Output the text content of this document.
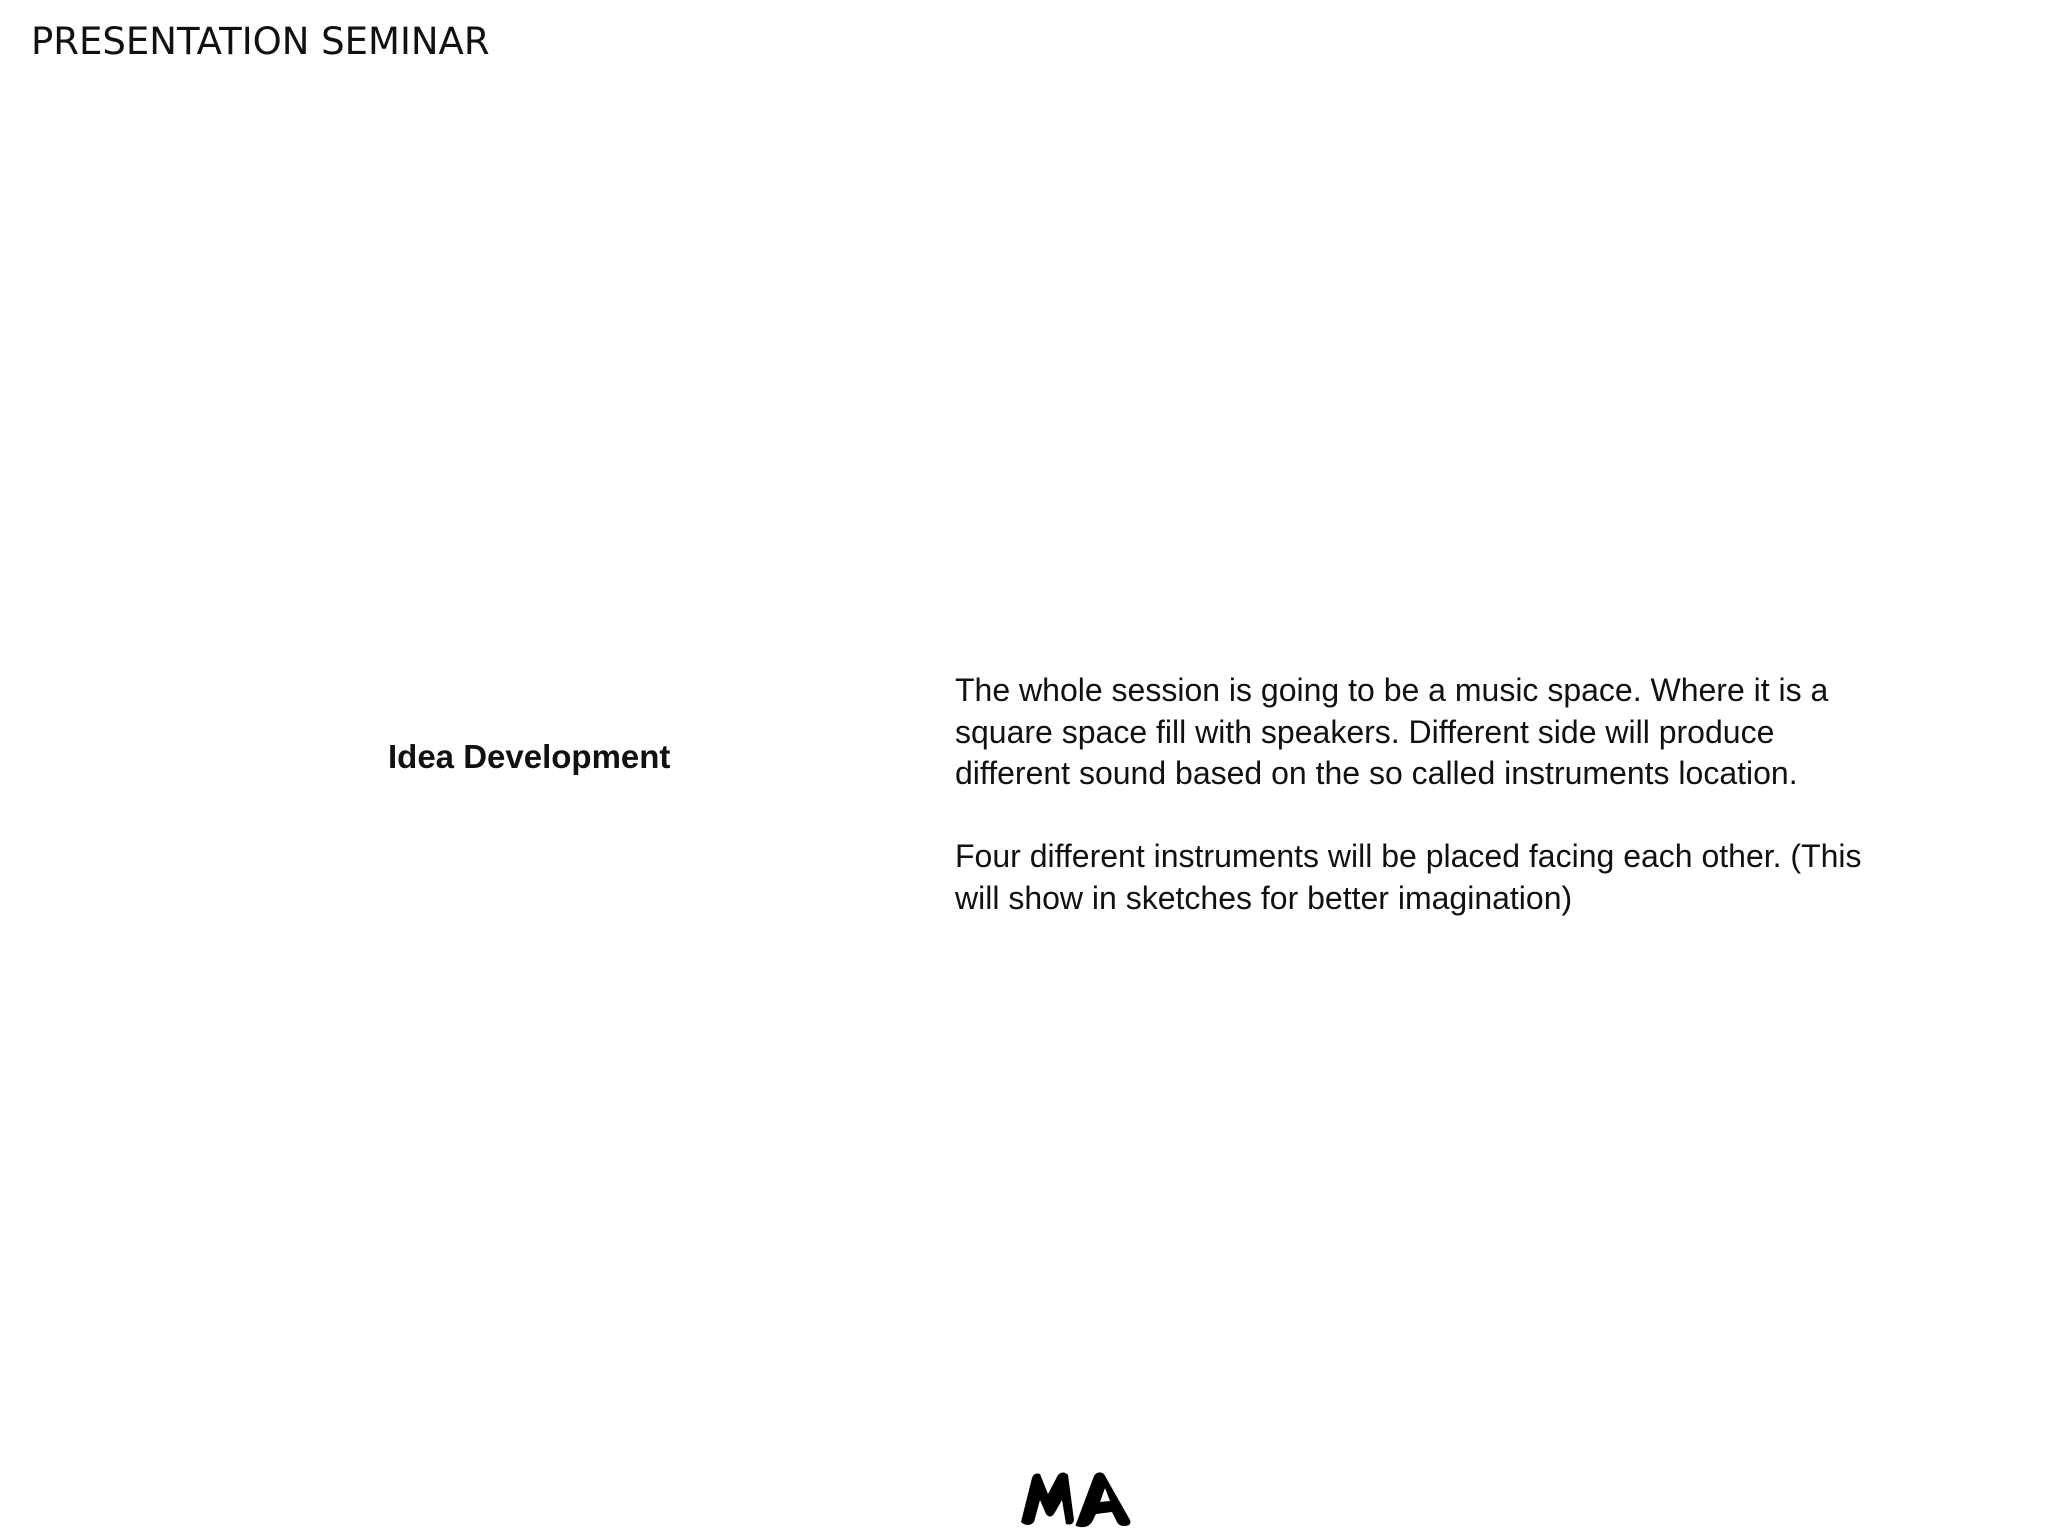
PRESENTATION SEMINAR
Idea Development

The whole session is going to be a music space. Where it is a
square space fill with speakers. Different side will produce
different sound based on the so called instruments location.

Four different instruments will be placed facing each other. (This
will show in sketches for better imagination)
